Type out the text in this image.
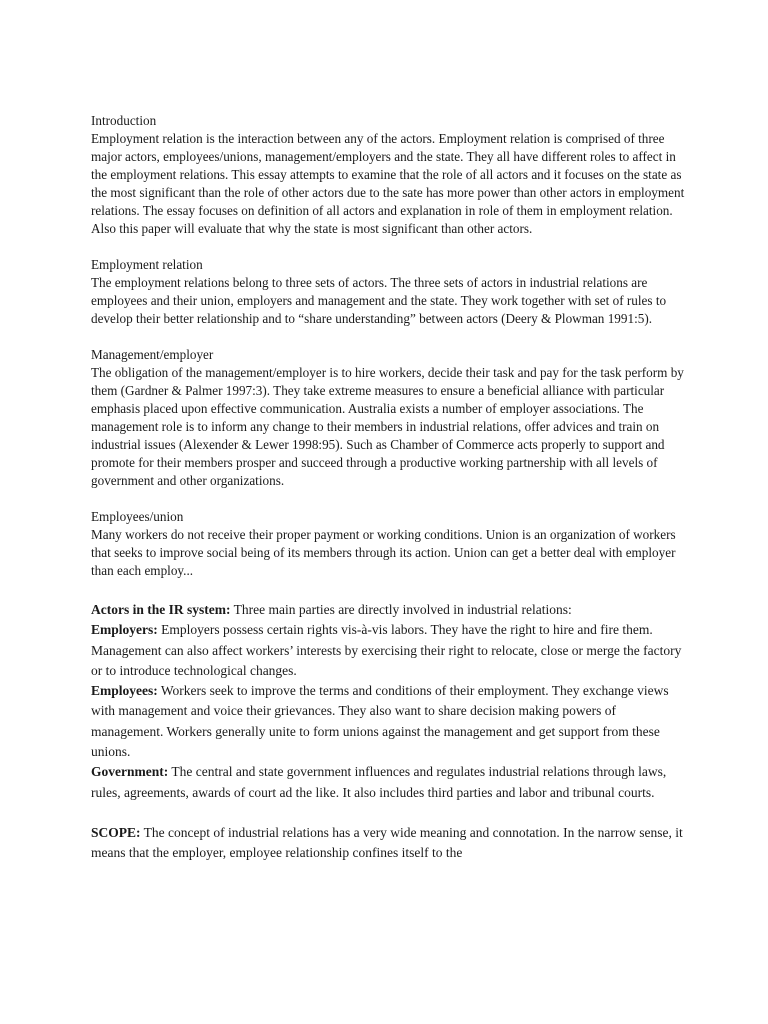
Introduction

Employment relation is the interaction between any of the actors. Employment relation is comprised of three major actors, employees/unions, management/employers and the state. They all have different roles to affect in the employment relations. This essay attempts to examine that the role of all actors and it focuses on the state as the most significant than the role of other actors due to the sate has more power than other actors in employment relations. The essay focuses on definition of all actors and explanation in role of them in employment relation. Also this paper will evaluate that why the state is most significant than other actors.

Employment relation

The employment relations belong to three sets of actors. The three sets of actors in industrial relations are employees and their union, employers and management and the state. They work together with set of rules to develop their better relationship and to “share understanding” between actors (Deery & Plowman 1991:5).

Management/employer

The obligation of the management/employer is to hire workers, decide their task and pay for the task perform by them (Gardner & Palmer 1997:3). They take extreme measures to ensure a beneficial alliance with particular emphasis placed upon effective communication. Australia exists a number of employer associations. The management role is to inform any change to their members in industrial relations, offer advices and train on industrial issues (Alexender & Lewer 1998:95). Such as Chamber of Commerce acts properly to support and promote for their members prosper and succeed through a productive working partnership with all levels of government and other organizations.

Employees/union

Many workers do not receive their proper payment or working conditions. Union is an organization of workers that seeks to improve social being of its members through its action. Union can get a better deal with employer than each employ...

Actors in the IR system: Three main parties are directly involved in industrial relations:

Employers: Employers possess certain rights vis-à-vis labors. They have the right to hire and fire them. Management can also affect workers’ interests by exercising their right to relocate, close or merge the factory or to introduce technological changes.

Employees: Workers seek to improve the terms and conditions of their employment. They exchange views with management and voice their grievances. They also want to share decision making powers of management. Workers generally unite to form unions against the management and get support from these unions.

Government: The central and state government influences and regulates industrial relations through laws, rules, agreements, awards of court ad the like. It also includes third parties and labor and tribunal courts.

SCOPE: The concept of industrial relations has a very wide meaning and connotation. In the narrow sense, it means that the employer, employee relationship confines itself to the
